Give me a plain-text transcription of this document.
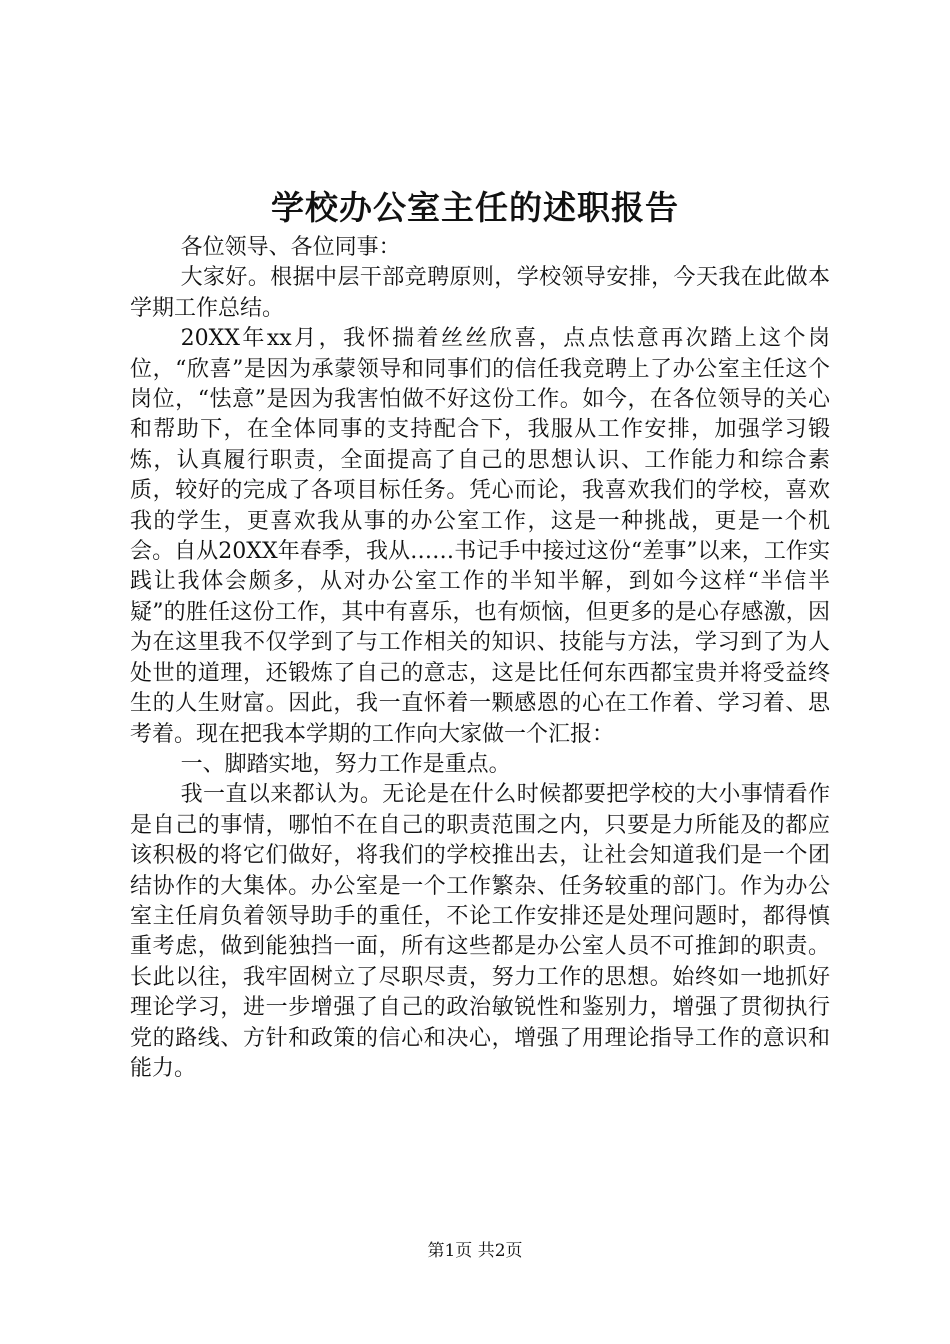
学校办公室主任的述职报告

各位领导、各位同事：

大家好。根据中层干部竞聘原则，学校领导安排，今天我在此做本学期工作总结。

20XX年xx月，我怀揣着丝丝欣喜，点点怯意再次踏上这个岗位，“欣喜”是因为承蒙领导和同事们的信任我竞聘上了办公室主任这个岗位，“怯意”是因为我害怕做不好这份工作。如今，在各位领导的关心和帮助下，在全体同事的支持配合下，我服从工作安排，加强学习锻炼，认真履行职责，全面提高了自己的思想认识、工作能力和综合素质，较好的完成了各项目标任务。凭心而论，我喜欢我们的学校，喜欢我的学生，更喜欢我从事的办公室工作，这是一种挑战，更是一个机会。自从20XX年春季，我从……书记手中接过这份“差事”以来，工作实践让我体会颇多，从对办公室工作的半知半解，到如今这样“半信半疑”的胜任这份工作，其中有喜乐，也有烦恼，但更多的是心存感激，因为在这里我不仅学到了与工作相关的知识、技能与方法，学习到了为人处世的道理，还锻炼了自己的意志，这是比任何东西都宝贵并将受益终生的人生财富。因此，我一直怀着一颗感恩的心在工作着、学习着、思考着。现在把我本学期的工作向大家做一个汇报：

一、脚踏实地，努力工作是重点。

我一直以来都认为。无论是在什么时候都要把学校的大小事情看作是自己的事情，哪怕不在自己的职责范围之内，只要是力所能及的都应该积极的将它们做好，将我们的学校推出去，让社会知道我们是一个团结协作的大集体。办公室是一个工作繁杂、任务较重的部门。作为办公室主任肩负着领导助手的重任，不论工作安排还是处理问题时，都得慎重考虑，做到能独挡一面，所有这些都是办公室人员不可推卸的职责。长此以往，我牢固树立了尽职尽责，努力工作的思想。始终如一地抓好理论学习，进一步增强了自己的政治敏锐性和鉴别力，增强了贯彻执行党的路线、方针和政策的信心和决心，增强了用理论指导工作的意识和能力。

第1页 共2页
